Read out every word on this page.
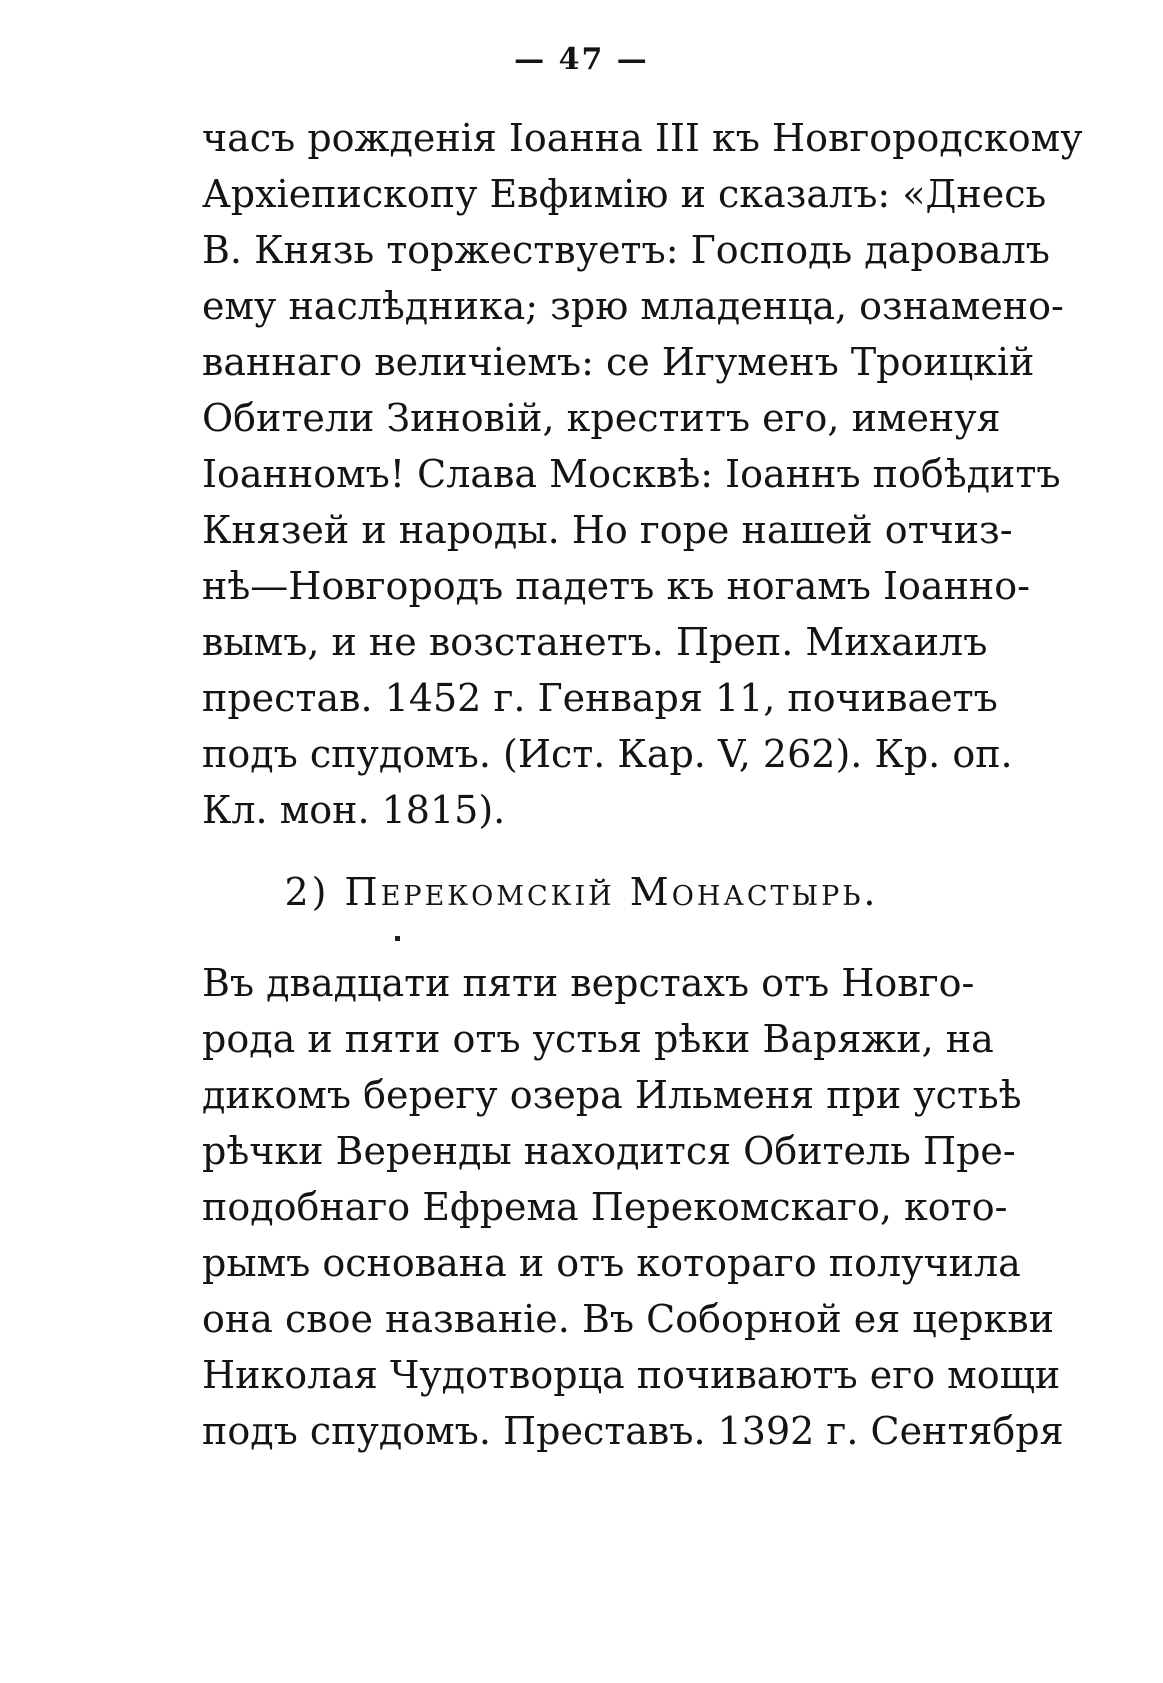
— 47 —
часъ рожденія Іоанна III къ Новгородскому
Архіепископу Евфимію и сказалъ: «Днесь
В. Князь торжествуетъ: Господь даровалъ
ему наслѣдника; зрю младенца, ознамено-
ваннаго величіемъ: се Игуменъ Троицкій
Обители Зиновій, креститъ его, именуя
Іоанномъ! Слава Москвѣ: Іоаннъ побѣдитъ
Князей и народы. Но горе нашей отчиз-
нѣ—Новгородъ падетъ къ ногамъ Іоанно-
вымъ, и не возстанетъ. Преп. Михаилъ
престав. 1452 г. Генваря 11, почиваетъ
подъ спудомъ. (Ист. Кар. V, 262). Кр. оп.
Кл. мон. 1815).
2) Перекомскій Монастырь.
Въ двадцати пяти верстахъ отъ Новго-
рода и пяти отъ устья рѣки Варяжи, на
дикомъ берегу озера Ильменя при устьѣ
рѣчки Веренды находится Обитель Пре-
подобнаго Ефрема Перекомскаго, кото-
рымъ основана и отъ котораго получила
она свое названіе. Въ Соборной ея церкви
Николая Чудотворца почиваютъ его мощи
подъ спудомъ. Преставъ. 1392 г. Сентября
